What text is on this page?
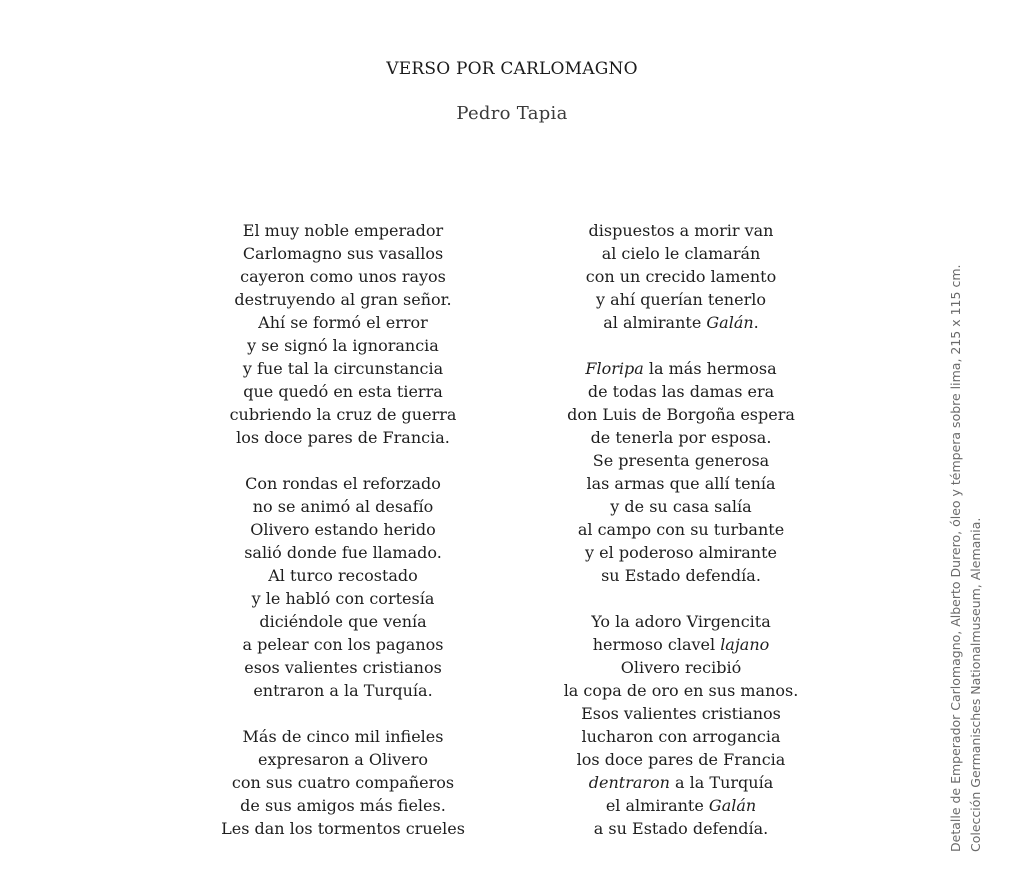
VERSO POR CARLOMAGNO
Pedro Tapia
El muy noble emperador
Carlomagno sus vasallos
cayeron como unos rayos
destruyendo al gran señor.
Ahí se formó el error
y se signó la ignorancia
y fue tal la circunstancia
que quedó en esta tierra
cubriendo la cruz de guerra
los doce pares de Francia.
Con rondas el reforzado
no se animó al desafío
Olivero estando herido
salió donde fue llamado.
Al turco recostado
y le habló con cortesía
diciéndole que venía
a pelear con los paganos
esos valientes cristianos
entraron a la Turquía.
Más de cinco mil infieles
expresaron a Olivero
con sus cuatro compañeros
de sus amigos más fieles.
Les dan los tormentos crueles
dispuestos a morir van
al cielo le clamarán
con un crecido lamento
y ahí querían tenerlo
al almirante Galán.
Floripa la más hermosa
de todas las damas era
don Luis de Borgoña espera
de tenerla por esposa.
Se presenta generosa
las armas que allí tenía
y de su casa salía
al campo con su turbante
y el poderoso almirante
su Estado defendía.
Yo la adoro Virgencita
hermoso clavel lajano
Olivero recibió
la copa de oro en sus manos.
Esos valientes cristianos
lucharon con arrogancia
los doce pares de Francia
dentraron a la Turquía
el almirante Galán
a su Estado defendía.	Detalle de Emperador Carlomagno, Alberto Durero, óleo y témpera sobre lima, 215 x 115 cm. Colección Germanisches Nationalmuseum, Alemania.
